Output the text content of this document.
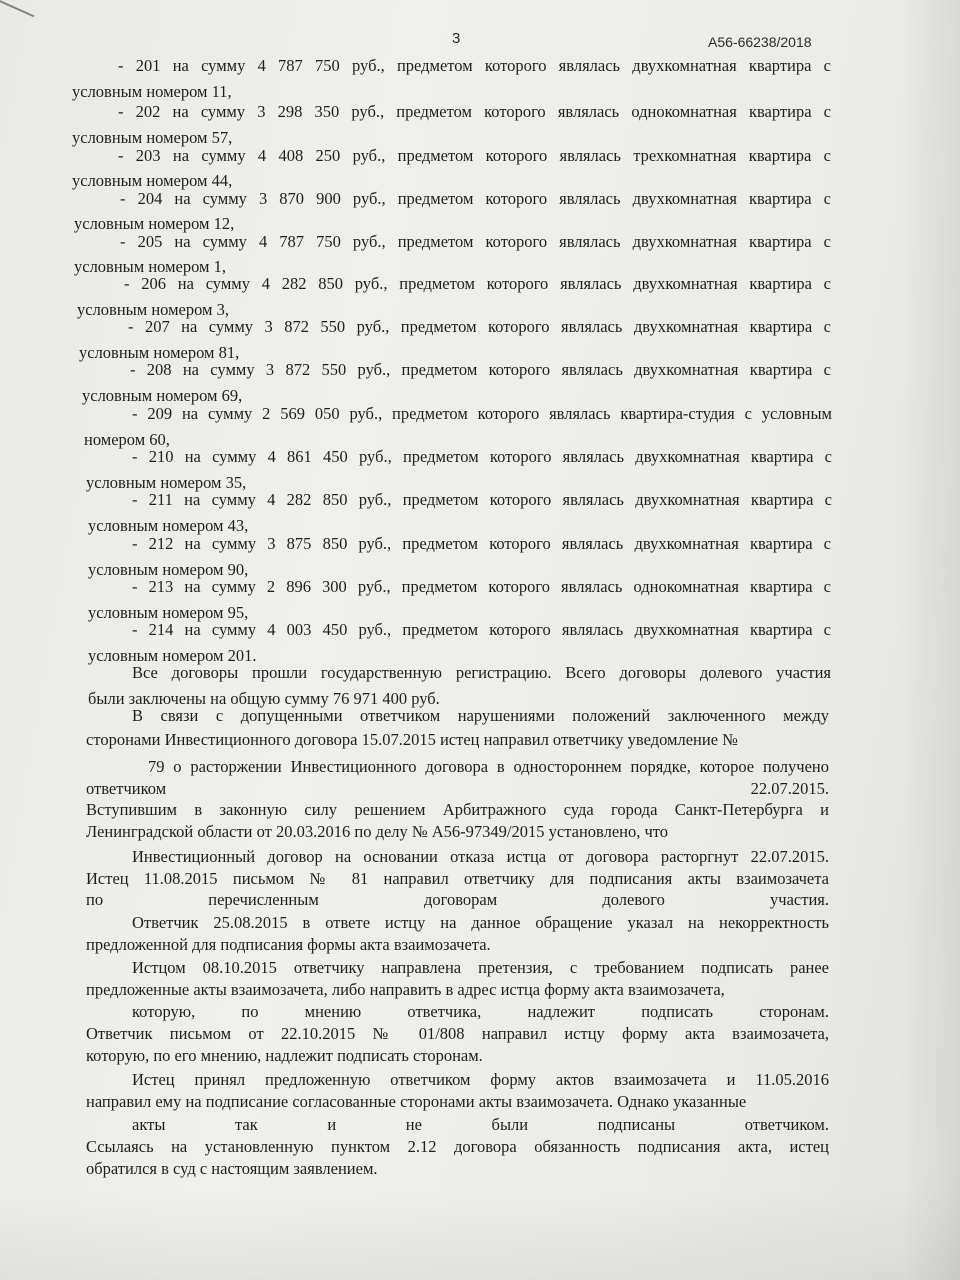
3	А56-66238/2018
- 201 на сумму 4 787 750 руб., предметом которого являлась двухкомнатная квартира с
условным номером 11,
- 202 на сумму 3 298 350 руб., предметом которого являлась однокомнатная квартира с
условным номером 57,
- 203 на сумму 4 408 250 руб., предметом которого являлась трехкомнатная квартира с
условным номером 44,
- 204 на сумму 3 870 900 руб., предметом которого являлась двухкомнатная квартира с
условным номером 12,
- 205 на сумму 4 787 750 руб., предметом которого являлась двухкомнатная квартира с
условным номером 1,
- 206 на сумму 4 282 850 руб., предметом которого являлась двухкомнатная квартира с
условным номером 3,
- 207 на сумму 3 872 550 руб., предметом которого являлась двухкомнатная квартира с
условным номером 81,
- 208 на сумму 3 872 550 руб., предметом которого являлась двухкомнатная квартира с
условным номером 69,
- 209 на сумму 2 569 050 руб., предметом которого являлась квартира-студия с условным
номером 60,
- 210 на сумму 4 861 450 руб., предметом которого являлась двухкомнатная квартира с
условным номером 35,
- 211 на сумму 4 282 850 руб., предметом которого являлась двухкомнатная квартира с
условным номером 43,
- 212 на сумму 3 875 850 руб., предметом которого являлась двухкомнатная квартира с
условным номером 90,
- 213 на сумму 2 896 300 руб., предметом которого являлась однокомнатная квартира с
условным номером 95,
- 214 на сумму 4 003 450 руб., предметом которого являлась двухкомнатная квартира с
условным номером 201.
Все договоры прошли государственную регистрацию. Всего договоры долевого участия
были заключены на общую сумму 76 971 400 руб.
В связи с допущенными ответчиком нарушениями положений заключенного между
сторонами Инвестиционного договора 15.07.2015 истец направил ответчику уведомление №
79 о расторжении Инвестиционного договора в одностороннем порядке, которое получено
ответчиком 22.07.2015.
Вступившим в законную силу решением Арбитражного суда города Санкт-Петербурга и
Ленинградской области от 20.03.2016 по делу № А56-97349/2015 установлено, что
Инвестиционный договор на основании отказа истца от договора расторгнут 22.07.2015.
Истец 11.08.2015 письмом № 81 направил ответчику для подписания акты взаимозачета
по перечисленным договорам долевого участия.
Ответчик 25.08.2015 в ответе истцу на данное обращение указал на некорректность
предложенной для подписания формы акта взаимозачета.
Истцом 08.10.2015 ответчику направлена претензия, с требованием подписать ранее
предложенные акты взаимозачета, либо направить в адрес истца форму акта взаимозачета,
которую, по мнению ответчика, надлежит подписать сторонам.
Ответчик письмом от 22.10.2015 № 01/808 направил истцу форму акта взаимозачета,
которую, по его мнению, надлежит подписать сторонам.
Истец принял предложенную ответчиком форму актов взаимозачета и 11.05.2016
направил ему на подписание согласованные сторонами акты взаимозачета. Однако указанные
акты так и не были подписаны ответчиком.
Ссылаясь на установленную пунктом 2.12 договора обязанность подписания акта, истец
обратился в суд с настоящим заявлением.
